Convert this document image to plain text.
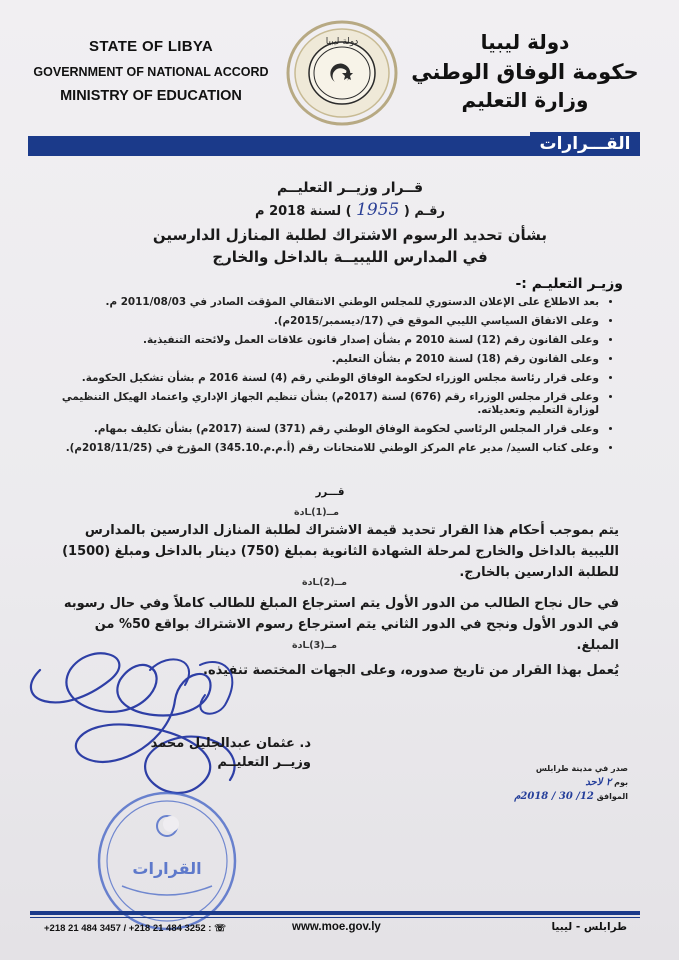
STATE OF LIBYA
GOVERNMENT OF NATIONAL ACCORD
MINISTRY OF EDUCATION
دولة ليبيا	دولة ليبيا
حكومة الوفاق الوطني
وزارة التعليم
القـــرارات
قــرار وزيــر التعليــم
رقـم ( 1955 ) لسنة 2018 م
بشأن تحديد الرسوم الاشتراك لطلبة المنازل الدارسين
في المدارس الليبيــة بالداخل والخارج
وزيـر التعليـم :-
• بعد الاطلاع على الإعلان الدستوري للمجلس الوطني الانتقالي المؤقت الصادر في 2011/08/03 م.
• وعلى الاتفاق السياسي الليبي الموقع في (17/ديسمبر/2015م).
• وعلى القانون رقم (12) لسنة 2010 م بشأن إصدار قانون علاقات العمل ولائحته التنفيذية.
• وعلى القانون رقم (18) لسنة 2010 م بشأن التعليم.
• وعلى قرار رئاسة مجلس الوزراء لحكومة الوفاق الوطني رقم (4) لسنة 2016 م بشأن تشكيل الحكومة.
• وعلى قرار مجلس الوزراء رقم (676) لسنة (2017م) بشأن تنظيم الجهاز الإداري واعتماد الهيكل التنظيمي لوزارة التعليم وتعديلاته.
• وعلى قرار المجلس الرئاسي لحكومة الوفاق الوطني رقم (371) لسنة (2017م) بشأن تكليف بمهام.
• وعلى كتاب السيد/ مدير عام المركز الوطني للامتحانات رقم (أ.م.م.345.10) المؤرخ في (2018/11/25م).
قـــرر
مــ(1)ـادة
يتم بموجب أحكام هذا القرار تحديد قيمة الاشتراك لطلبة المنازل الدارسين بالمدارس الليبية بالداخل والخارج لمرحلة الشهادة الثانوية بمبلغ (750) دينار بالداخل ومبلغ (1500) للطلبة الدارسين بالخارج.
مــ(2)ـادة
في حال نجاح الطالب من الدور الأول يتم استرجاع المبلغ للطالب كاملاً وفي حال رسوبه في الدور الأول ونجح في الدور الثاني يتم استرجاع رسوم الاشتراك بواقع 50% من المبلغ.
مــ(3)ـادة
يُعمل بهذا القرار من تاريخ صدوره، وعلى الجهات المختصة تنفيذه.
د. عثمان عبدالجليل محمد
وزيــر التعليــم	صدر في مدينة طرابلس
بوم ٢ لاحد
الموافق 12/ 30 / 2018م
القرارات
+218 21 484 3457 / +218 21 484 3252 : ☏	www.moe.gov.ly	طرابلس - ليبيا
